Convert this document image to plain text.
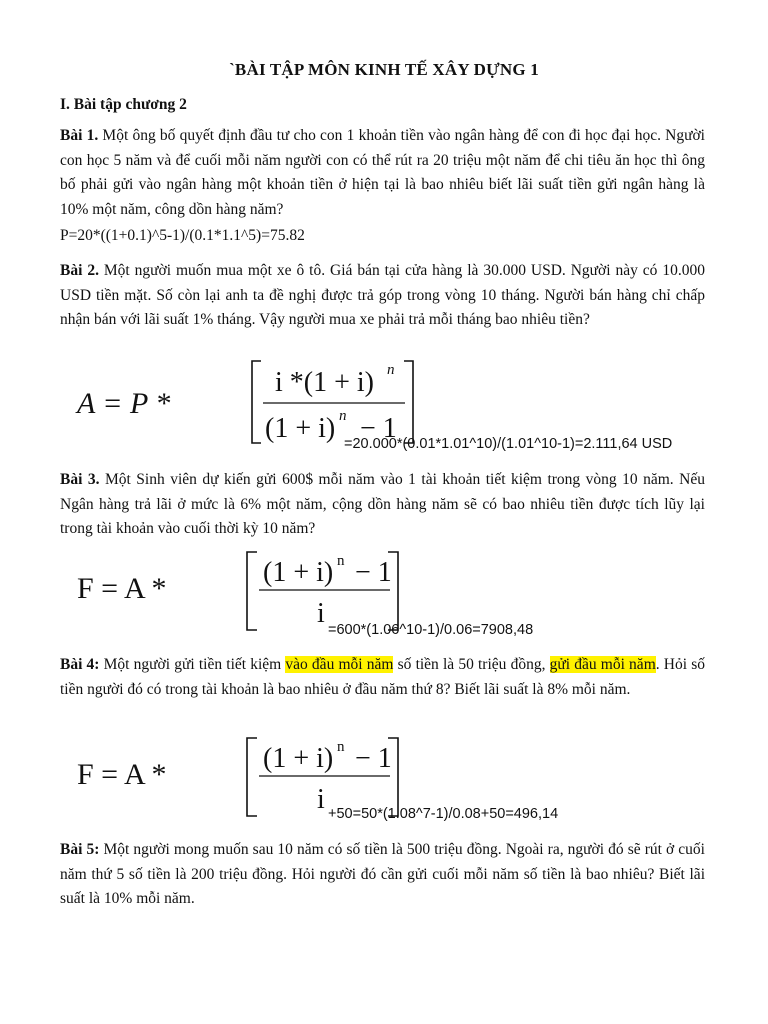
`BÀI TẬP MÔN KINH TẾ XÂY DỰNG 1
I. Bài tập chương 2
Bài 1. Một ông bố quyết định đầu tư cho con 1 khoản tiền vào ngân hàng để con đi học đại học. Người con học 5 năm và để cuối mỗi năm người con có thể rút ra 20 triệu một năm để chi tiêu ăn học thì ông bố phải gửi vào ngân hàng một khoản tiền ở hiện tại là bao nhiêu biết lãi suất tiền gửi ngân hàng là 10% một năm, công dồn hàng năm?
P=20*((1+0.1)^5-1)/(0.1*1.1^5)=75.82
Bài 2. Một người muốn mua một xe ô tô. Giá bán tại cửa hàng là 30.000 USD. Người này có 10.000 USD tiền mặt. Số còn lại anh ta đề nghị được trả góp trong vòng 10 tháng. Người bán hàng chỉ chấp nhận bán với lãi suất 1% tháng. Vậy người mua xe phải trả mỗi tháng bao nhiêu tiền?
A = P *
i *(1 + i) n
(1 + i) n − 1
=20.000*(0.01*1.01^10)/(1.01^10-1)=2.111,64 USD
Bài 3. Một Sinh viên dự kiến gửi 600$ mỗi năm vào 1 tài khoản tiết kiệm trong vòng 10 năm. Nếu Ngân hàng trả lãi ở mức là 6% một năm, cộng dồn hàng năm sẽ có bao nhiêu tiền được tích lũy lại trong tài khoản vào cuối thời kỳ 10 năm?
F = A *	(1 + i) n − 1
i
=600*(1.06^10-1)/0.06=7908,48
Bài 4: Một người gửi tiền tiết kiệm vào đầu mỗi năm số tiền là 50 triệu đồng, gửi đầu mỗi năm. Hỏi số tiền người đó có trong tài khoản là bao nhiêu ở đầu năm thứ 8? Biết lãi suất là 8% mỗi năm.
F = A *	(1 + i) n − 1
i +50=50*(1.08^7-1)/0.08+50=496,14
Bài 5: Một người mong muốn sau 10 năm có số tiền là 500 triệu đồng. Ngoài ra, người đó sẽ rút ở cuối năm thứ 5 số tiền là 200 triệu đồng. Hỏi người đó cần gửi cuối mỗi năm số tiền là bao nhiêu? Biết lãi suất là 10% mỗi năm.
